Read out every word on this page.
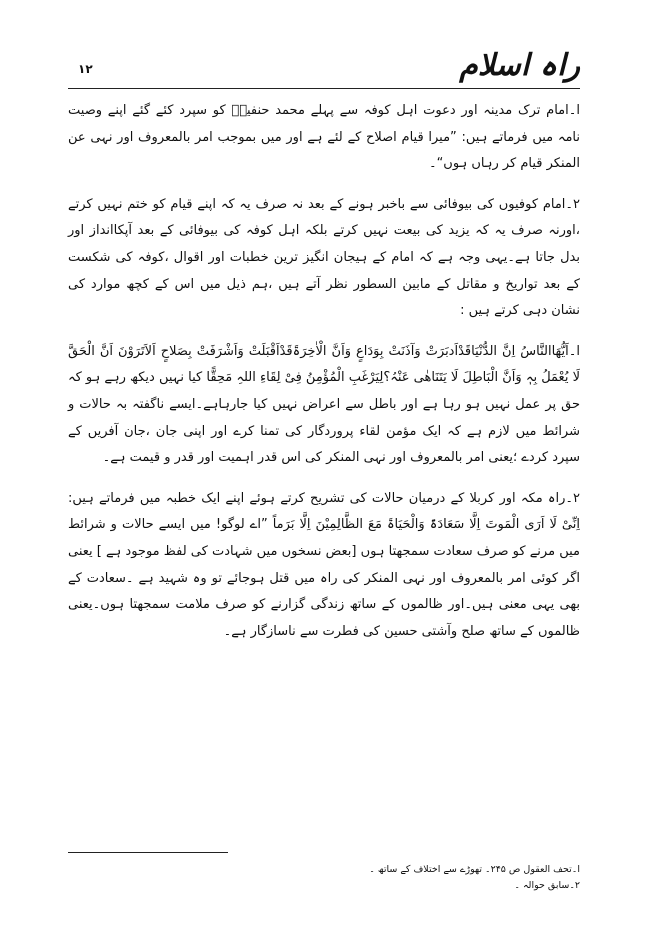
راہ اسلام
۱۲

ا۔امام ترک مدینہ اور دعوت اہل کوفہ سے پہلے محمد حنفیہؒ کو سپرد کئے گئے اپنے وصیت نامہ میں فرماتے ہیں: ”میرا قیام اصلاح کے لئے ہے اور میں بموجب امر بالمعروف اور نہی عن المنکر قیام کر رہاں ہوں“۔

۲۔امام کوفیوں کی بیوفائی سے باخبر ہونے کے بعد نہ صرف یہ کہ اپنے قیام کو ختم نہیں کرتے ،اورنہ صرف یہ کہ یزید کی بیعت نہیں کرتے بلکہ اہل کوفہ کی بیوفائی کے بعد آپکاانداز اور بدل جاتا ہے۔یہی وجہ ہے کہ امام کے ہیجان انگیز ترین خطبات اور اقوال ،کوفہ کی شکست کے بعد تواریخ و مقاتل کے مابین السطور نظر آتے ہیں ،ہم ذیل میں اس کے کچھ موارد کی نشان دہی کرتے ہیں :

ا۔اَیُّھَاالنَّاسُ اِنَّ الدُّنْیَاقَدْاَدبَرَتْ وَآذَنَتْ بِوَدَاعٍ وَاَنَّ الْاٰخِرَۃَقَدْاَقْبَلَتْ وَاَشْرَفَتْ بِصَلاحٍ اَلاَتَرَوْنَ اَنَّ الْحَقَّ لَا یُعْمَلُ بِہٖ وَاَنَّ الْبَاطِلَ لَا یَتَنَاھٰی عَنْہُ؟لِیَرْغَبِ الْمُؤْمِنُ فِیْ لِقَاءِ اللہِ مَحِقًّا کیا نہیں دیکھ رہے ہو کہ حق پر عمل نہیں ہو رہا ہے اور باطل سے اعراض نہیں کیا جارہاہے۔ایسے ناگفتہ بہ حالات و شرائط میں لازم ہے کہ ایک مؤمن لقاء پروردگار کی تمنا کرے اور اپنی جان ،جان آفریں کے سپرد کردے ؛یعنی امر بالمعروف اور نہی المنکر کی اس قدر اہمیت اور قدر و قیمت ہے۔

۲۔راہ مکہ اور کربلا کے درمیان حالات کی تشریح کرتے ہوئے اپنے ایک خطبہ میں فرماتے ہیں: اِنِّیْ لَا اَرَی الْمَوتَ اِلَّا سَعَادَۃً وَالْحَیَاۃَ مَعَ الظَّالِمِیْنَ اِلَّا بَرَماً ”اے لوگو! میں ایسے حالات و شرائط میں مرنے کو صرف سعادت سمجھتا ہوں [بعض نسخوں میں شہادت کی لفظ موجود ہے ] یعنی اگر کوئی امر بالمعروف اور نہی المنکر کی راہ میں قتل ہوجائے تو وہ شہید ہے ۔سعادت کے بھی یہی معنی ہیں۔اور ظالموں کے ساتھ زندگی گزارنے کو صرف ملامت سمجھتا ہوں۔یعنی ظالموں کے ساتھ صلح وآشتی حسین کی فطرت سے ناسازگار ہے۔

ا۔تحف العقول ص ۲۴۵۔ تھوڑے سے اختلاف کے ساتھ ۔

۲۔سابق حوالہ ۔
